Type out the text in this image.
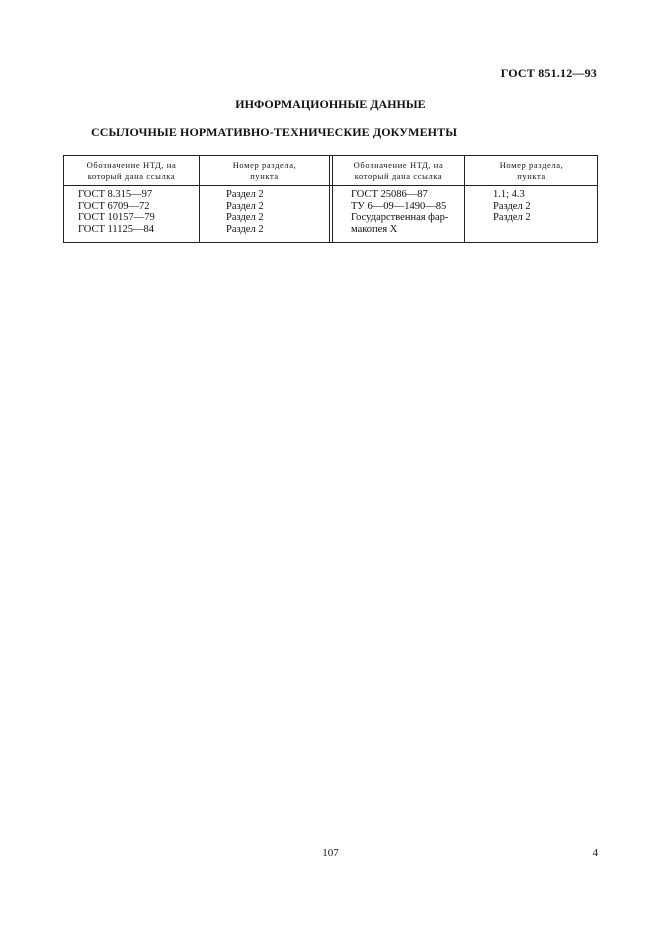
ГОСТ 851.12—93
ИНФОРМАЦИОННЫЕ ДАННЫЕ
ССЫЛОЧНЫЕ НОРМАТИВНО-ТЕХНИЧЕСКИЕ ДОКУМЕНТЫ
Обозначение НТД, на
который дана ссылка
Номер раздела,
пункта
Обозначение НТД, на
который дана ссылка
Номер раздела,
пункта
ГОСТ 8.315—97
ГОСТ 6709—72
ГОСТ 10157—79
ГОСТ 11125—84
Раздел 2
Раздел 2
Раздел 2
Раздел 2
ГОСТ 25086—87
ТУ 6—09—1490—85
Государственная фар-
макопея X
1.1; 4.3
Раздел 2
Раздел 2
107	4
